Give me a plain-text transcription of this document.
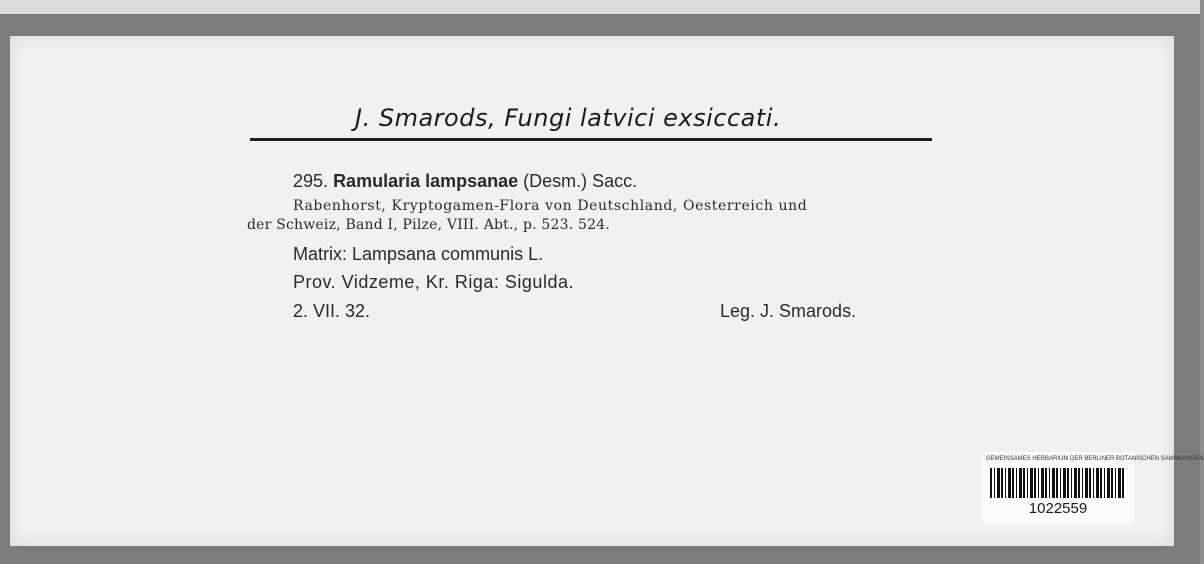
J. Smarods, Fungi latvici exsiccati.
295. Ramularia lampsanae (Desm.) Sacc.
Rabenhorst, Kryptogamen-Flora von Deutschland, Oesterreich und
der Schweiz, Band I, Pilze, VIII. Abt., p. 523. 524.
Matrix: Lampsana communis L.
Prov. Vidzeme, Kr. Riga: Sigulda.
2. VII. 32.	Leg. J. Smarods.
GEMEINSAMES HERBARIUM DER BERLINER BOTANISCHEN SAMMLUNGEN
1022559
